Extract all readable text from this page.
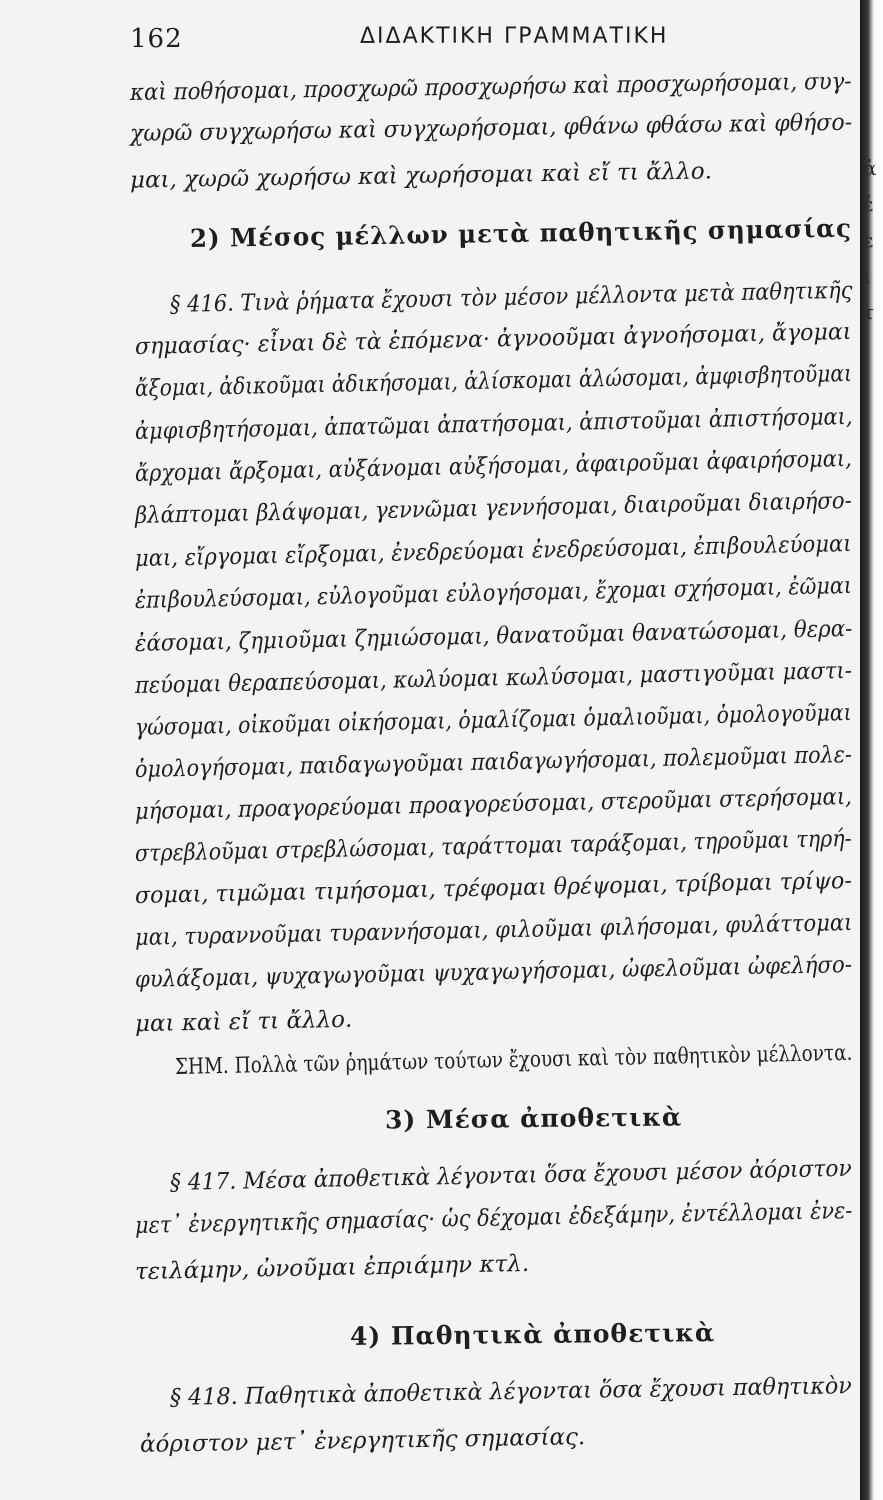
ἀ
ἐ
ε
ι
τ
162	ΔΙΔΑΚΤΙΚΗ ΓΡΑΜΜΑΤΙΚΗ
καὶ ποθήσομαι, προσχωρῶ προσχωρήσω καὶ προσχωρήσομαι, συγ-
χωρῶ συγχωρήσω καὶ συγχωρήσομαι, φθάνω φθάσω καὶ φθήσο-
μαι, χωρῶ χωρήσω καὶ χωρήσομαι καὶ εἴ τι ἄλλο.
2) Μέσος μέλλων μετὰ παθητικῆς σημασίας
§ 416. Τινὰ ῥήματα ἔχουσι τὸν μέσον μέλλοντα μετὰ παθητικῆς
σημασίας· εἶναι δὲ τὰ ἑπόμενα· ἀγνοοῦμαι ἀγνοήσομαι, ἄγομαι
ἄξομαι, ἀδικοῦμαι ἀδικήσομαι, ἁλίσκομαι ἁλώσομαι, ἀμφισβητοῦμαι
ἀμφισβητήσομαι, ἀπατῶμαι ἀπατήσομαι, ἀπιστοῦμαι ἀπιστήσομαι,
ἄρχομαι ἄρξομαι, αὐξάνομαι αὐξήσομαι, ἀφαιροῦμαι ἀφαιρήσομαι,
βλάπτομαι βλάψομαι, γεννῶμαι γεννήσομαι, διαιροῦμαι διαιρήσο-
μαι, εἴργομαι εἴρξομαι, ἐνεδρεύομαι ἐνεδρεύσομαι, ἐπιβουλεύομαι
ἐπιβουλεύσομαι, εὐλογοῦμαι εὐλογήσομαι, ἔχομαι σχήσομαι, ἐῶμαι
ἐάσομαι, ζημιοῦμαι ζημιώσομαι, θανατοῦμαι θανατώσομαι, θερα-
πεύομαι θεραπεύσομαι, κωλύομαι κωλύσομαι, μαστιγοῦμαι μαστι-
γώσομαι, οἰκοῦμαι οἰκήσομαι, ὁμαλίζομαι ὁμαλιοῦμαι, ὁμολογοῦμαι
ὁμολογήσομαι, παιδαγωγοῦμαι παιδαγωγήσομαι, πολεμοῦμαι πολε-
μήσομαι, προαγορεύομαι προαγορεύσομαι, στεροῦμαι στερήσομαι,
στρεβλοῦμαι στρεβλώσομαι, ταράττομαι ταράξομαι, τηροῦμαι τηρή-
σομαι, τιμῶμαι τιμήσομαι, τρέφομαι θρέψομαι, τρίβομαι τρίψο-
μαι, τυραννοῦμαι τυραννήσομαι, φιλοῦμαι φιλήσομαι, φυλάττομαι
φυλάξομαι, ψυχαγωγοῦμαι ψυχαγωγήσομαι, ὠφελοῦμαι ὠφελήσο-
μαι καὶ εἴ τι ἄλλο.
ΣΗΜ. Πολλὰ τῶν ῥημάτων τούτων ἔχουσι καὶ τὸν παθητικὸν μέλλοντα.
3) Μέσα ἀποθετικὰ
§ 417. Μέσα ἀποθετικὰ λέγονται ὅσα ἔχουσι μέσον ἀόριστον
μετ᾽ ἐνεργητικῆς σημασίας· ὡς δέχομαι ἐδεξάμην, ἐντέλλομαι ἐνε-
τειλάμην, ὠνοῦμαι ἐπριάμην κτλ.
4) Παθητικὰ ἀποθετικὰ
§ 418. Παθητικὰ ἀποθετικὰ λέγονται ὅσα ἔχουσι παθητικὸν
ἀόριστον μετ᾽ ἐνεργητικῆς σημασίας.
